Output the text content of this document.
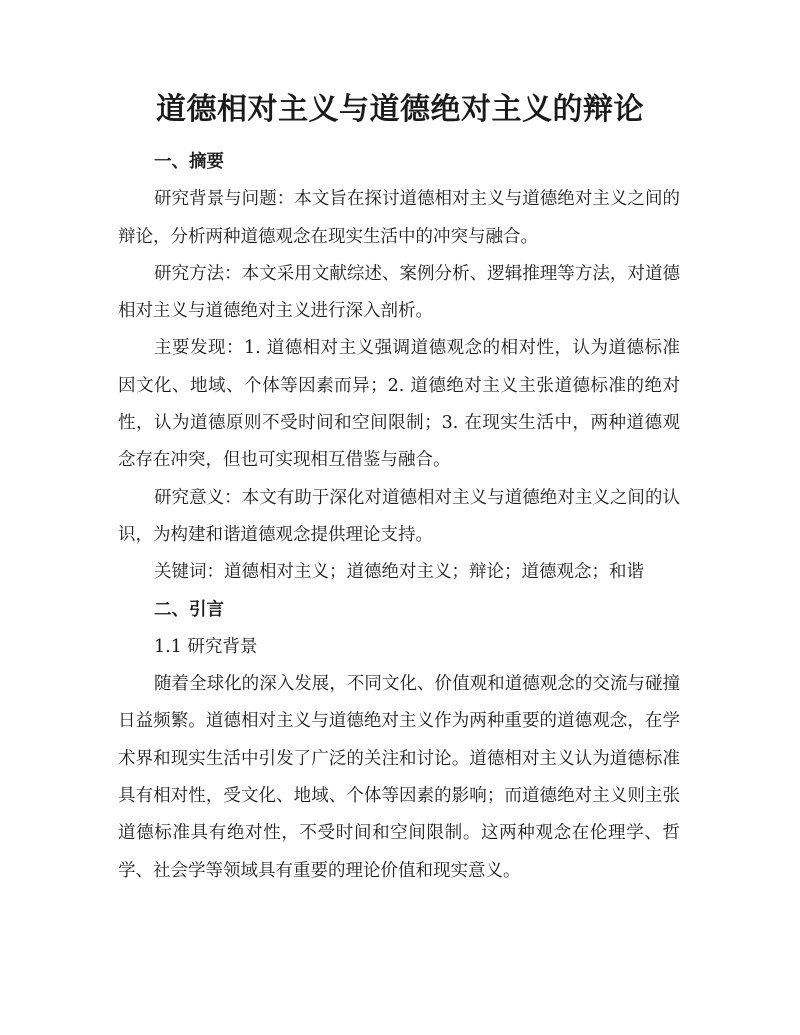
道德相对主义与道德绝对主义的辩论

一、摘要

研究背景与问题：本文旨在探讨道德相对主义与道德绝对主义之间的辩论，分析两种道德观念在现实生活中的冲突与融合。

研究方法：本文采用文献综述、案例分析、逻辑推理等方法，对道德相对主义与道德绝对主义进行深入剖析。

主要发现：1. 道德相对主义强调道德观念的相对性，认为道德标准因文化、地域、个体等因素而异；2. 道德绝对主义主张道德标准的绝对性，认为道德原则不受时间和空间限制；3. 在现实生活中，两种道德观念存在冲突，但也可实现相互借鉴与融合。

研究意义：本文有助于深化对道德相对主义与道德绝对主义之间的认识，为构建和谐道德观念提供理论支持。

关键词：道德相对主义；道德绝对主义；辩论；道德观念；和谐

二、引言

1.1 研究背景

随着全球化的深入发展，不同文化、价值观和道德观念的交流与碰撞日益频繁。道德相对主义与道德绝对主义作为两种重要的道德观念，在学术界和现实生活中引发了广泛的关注和讨论。道德相对主义认为道德标准具有相对性，受文化、地域、个体等因素的影响；而道德绝对主义则主张道德标准具有绝对性，不受时间和空间限制。这两种观念在伦理学、哲学、社会学等领域具有重要的理论价值和现实意义。
